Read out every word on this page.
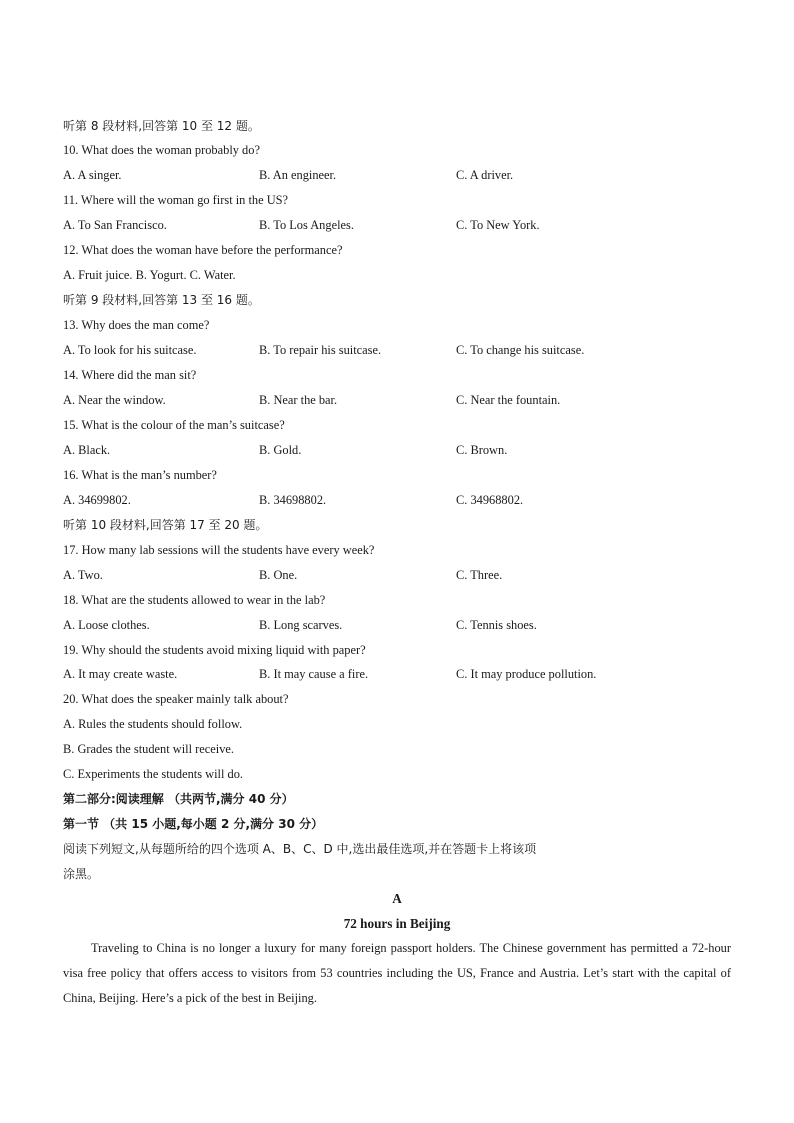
听第 8 段材料,回答第 10 至 12 题。
10. What does the woman probably do?
A. A singer.	B. An engineer.	C. A driver.
11. Where will the woman go first in the US?
A. To San Francisco.	B. To Los Angeles.	C. To New York.
12. What does the woman have before the performance?
A. Fruit juice. B. Yogurt. C. Water.
听第 9 段材料,回答第 13 至 16 题。
13. Why does the man come?
A. To look for his suitcase.	B. To repair his suitcase.	C. To change his suitcase.
14. Where did the man sit?
A. Near the window.	B. Near the bar.	C. Near the fountain.
15. What is the colour of the man’s suitcase?
A. Black.	B. Gold.	C. Brown.
16. What is the man’s number?
A. 34699802.	B. 34698802.	C. 34968802.
听第 10 段材料,回答第 17 至 20 题。
17. How many lab sessions will the students have every week?
A. Two.	B. One.	C. Three.
18. What are the students allowed to wear in the lab?
A. Loose clothes.	B. Long scarves.	C. Tennis shoes.
19. Why should the students avoid mixing liquid with paper?
A. It may create waste.	B. It may cause a fire.	C. It may produce pollution.
20. What does the speaker mainly talk about?
A. Rules the students should follow.
B. Grades the student will receive.
C. Experiments the students will do.
第二部分:阅读理解 （共两节,满分 40 分）
第一节 （共 15 小题,每小题 2 分,满分 30 分）
阅读下列短文,从每题所给的四个选项 A、B、C、D 中,选出最佳选项,并在答题卡上将该项
涂黑。
A
72 hours in Beijing
Traveling to China is no longer a luxury for many foreign passport holders. The Chinese government has permitted a 72-hour visa free policy that offers access to visitors from 53 countries including the US, France and Austria. Let’s start with the capital of China, Beijing. Here’s a pick of the best in Beijing.
